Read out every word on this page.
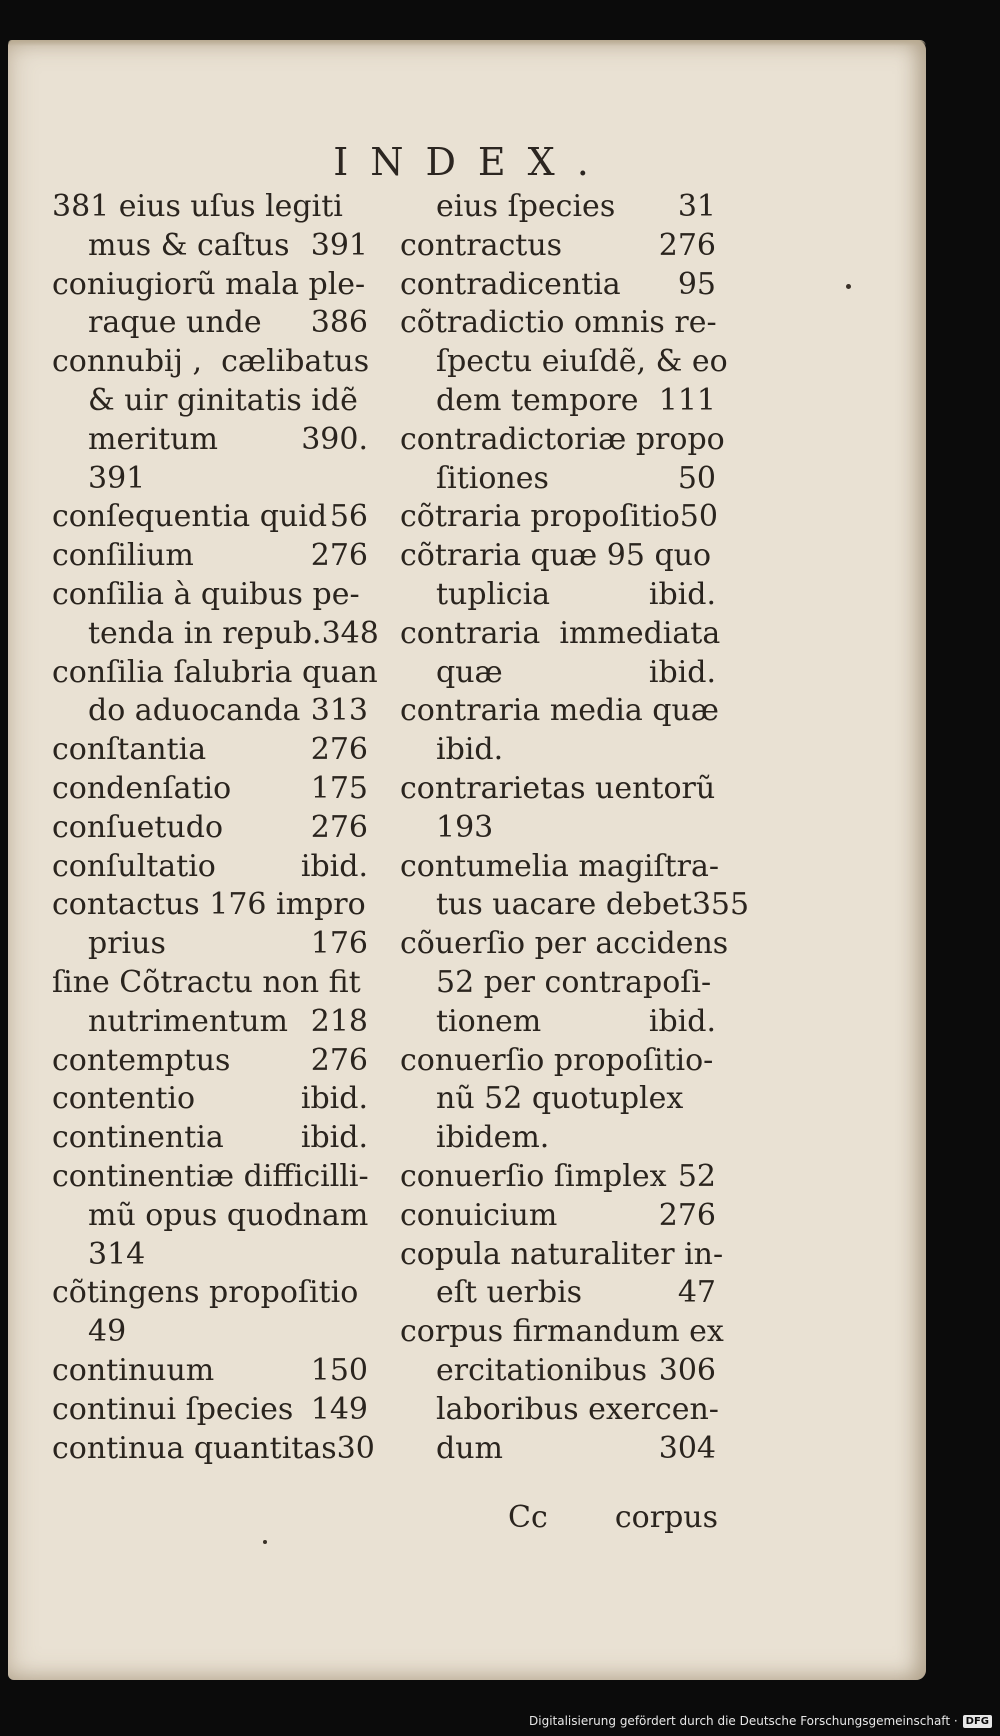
INDEX.
381 eius uſus legiti
mus & caſtus 391
coniugiorũ mala ple-
raque unde 386
connubij ,  cælibatus
& uir ginitatis idẽ
meritum	390.
391
conſequentia quid 56
conſilium	276
conſilia à quibus pe-
tenda in repub. 348
conſilia ſalubria quan
do aduocanda 313
conſtantia	276
condenſatio	175
conſuetudo	276
conſultatio	ibid.
contactus 176 impro
prius	176
ſine Cõtractu non fit
nutrimentum 218
contemptus	276
contentio	ibid.
continentia	ibid.
continentiæ difficilli-
mũ opus quodnam
314
cõtingens propoſitio
49
continuum	150
continui ſpecies 149
continua quantitas 30
eius ſpecies 31
contractus	276
contradicentia 95
cõtradictio omnis re-
ſpectu eiuſdẽ, & eo
dem tempore 111
contradictoriæ propo
ſitiones	50
cõtraria propoſitio 50
cõtraria quæ 95 quo
tuplicia	ibid.
contraria  immediata
quæ	ibid.
contraria media quæ
ibid.
contrarietas uentorũ
193
contumelia magiſtra-
tus uacare debet 355
cõuerſio per accidens
52 per contrapoſi-
tionem	ibid.
conuerſio propoſitio-
nũ 52 quotuplex
ibidem.
conuerſio ſimplex 52
conuicium	276
copula naturaliter in-
eſt uerbis	47
corpus firmandum ex
ercitationibus 306
laboribus exercen-
dum	304
Cc corpus
Digitalisierung gefördert durch die Deutsche Forschungsgemeinschaft · DFG
